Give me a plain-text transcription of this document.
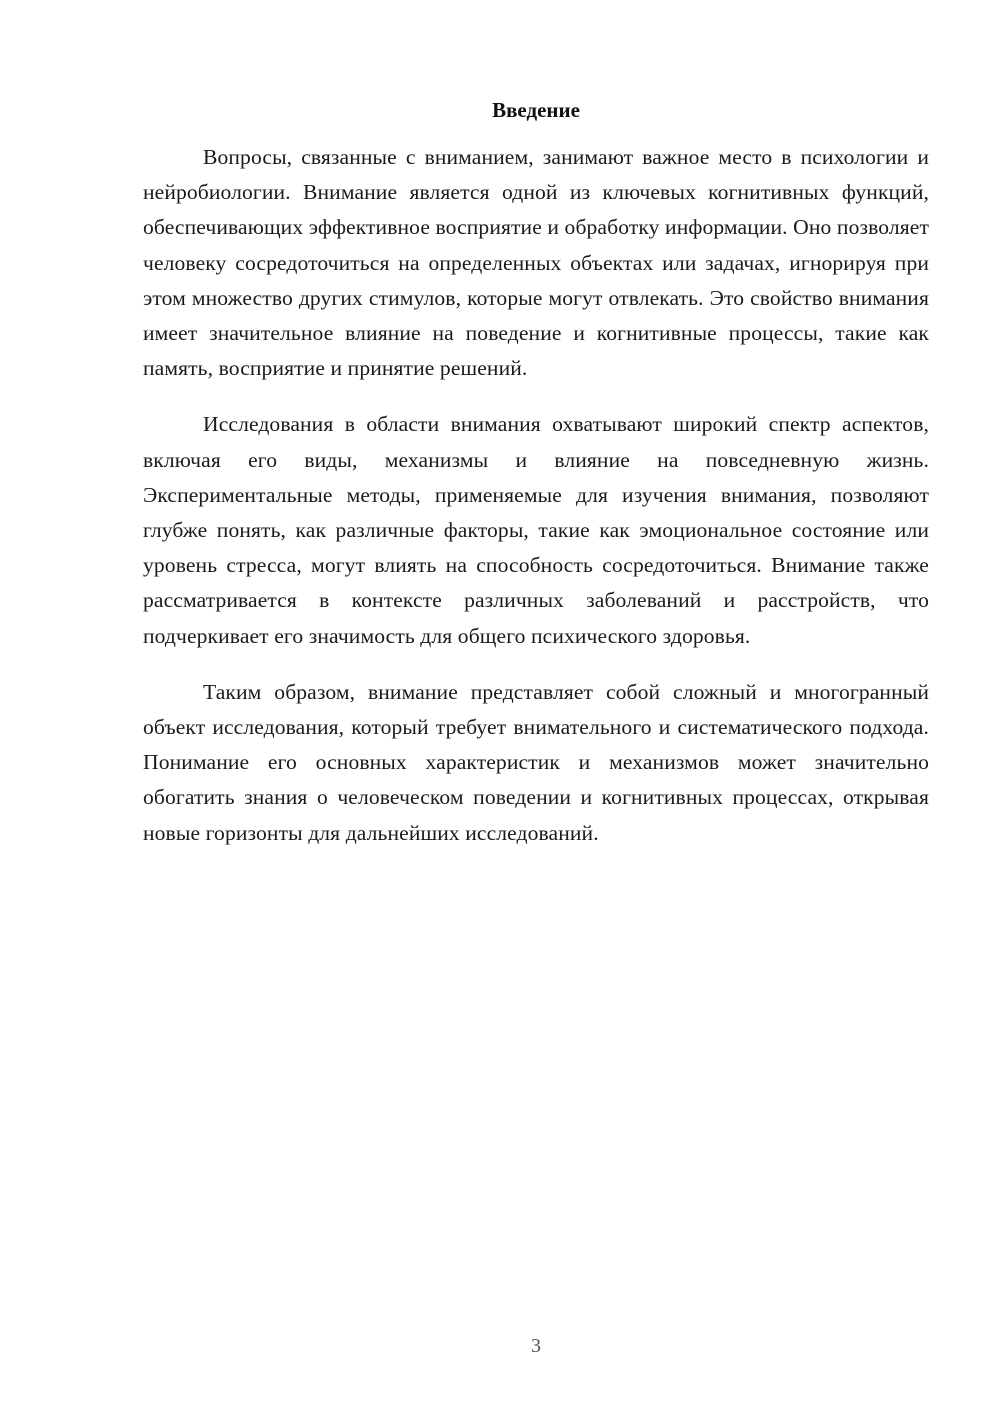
Введение

Вопросы, связанные с вниманием, занимают важное место в психологии и нейробиологии. Внимание является одной из ключевых когнитивных функций, обеспечивающих эффективное восприятие и обработку информации. Оно позволяет человеку сосредоточиться на определенных объектах или задачах, игнорируя при этом множество других стимулов, которые могут отвлекать. Это свойство внимания имеет значительное влияние на поведение и когнитивные процессы, такие как память, восприятие и принятие решений.

Исследования в области внимания охватывают широкий спектр аспектов, включая его виды, механизмы и влияние на повседневную жизнь. Экспериментальные методы, применяемые для изучения внимания, позволяют глубже понять, как различные факторы, такие как эмоциональное состояние или уровень стресса, могут влиять на способность сосредоточиться. Внимание также рассматривается в контексте различных заболеваний и расстройств, что подчеркивает его значимость для общего психического здоровья.

Таким образом, внимание представляет собой сложный и многогранный объект исследования, который требует внимательного и систематического подхода. Понимание его основных характеристик и механизмов может значительно обогатить знания о человеческом поведении и когнитивных процессах, открывая новые горизонты для дальнейших исследований.

3
